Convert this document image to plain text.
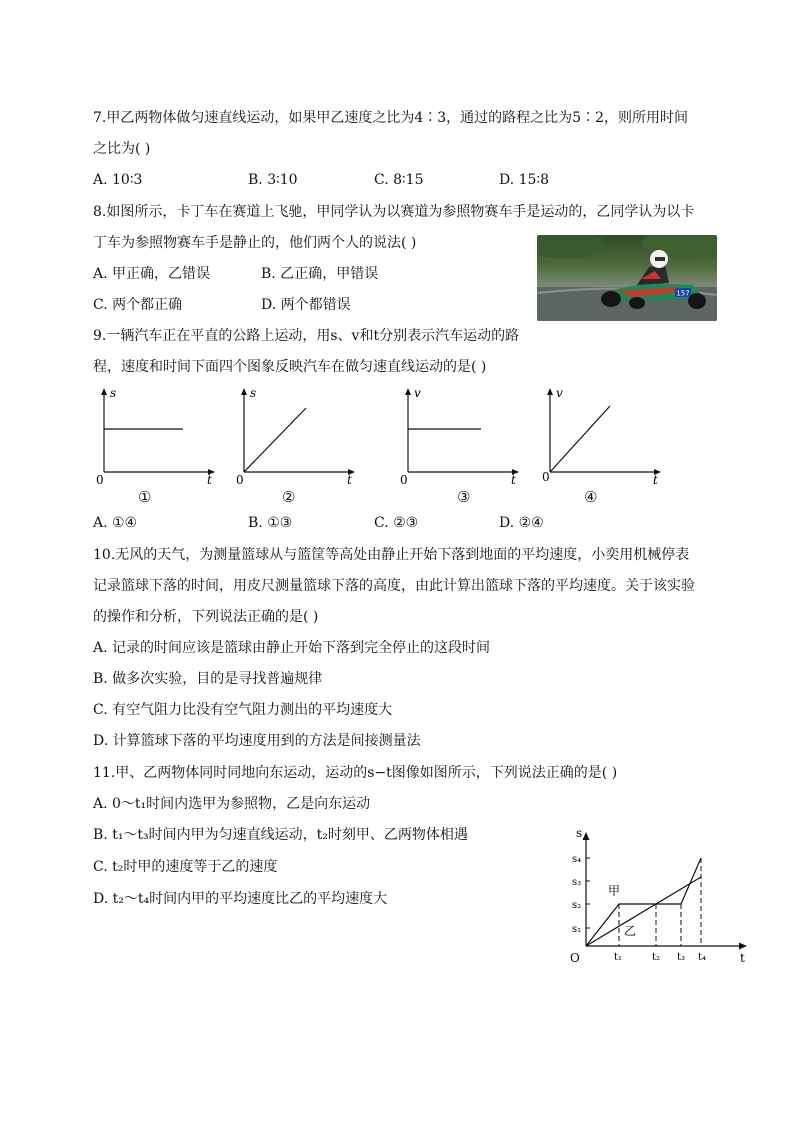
7.甲乙两物体做匀速直线运动，如果甲乙速度之比为4∶3，通过的路程之比为5∶2，则所用时间
之比为( )
A. 10∶3	B. 3∶10	C. 8∶15	D. 15∶8
8.如图所示，卡丁车在赛道上飞驰，甲同学认为以赛道为参照物赛车手是运动的，乙同学认为以卡
丁车为参照物赛车手是静止的，他们两个人的说法( )
A. 甲正确，乙错误	B. 乙正确，甲错误
C. 两个都正确	D. 两个都错误
157
9.一辆汽车正在平直的公路上运动，用s、v和t分别表示汽车运动的路
程，速度和时间下面四个图象反映汽车在做匀速直线运动的是( )
s
t
0
①
s
t
0
②
v
t
0
③
v
t
0
④
A. ①④	B. ①③	C. ②③	D. ②④
10.无风的天气，为测量篮球从与篮筐等高处由静止开始下落到地面的平均速度，小奕用机械停表
记录篮球下落的时间，用皮尺测量篮球下落的高度，由此计算出篮球下落的平均速度。关于该实验
的操作和分析，下列说法正确的是( )
A. 记录的时间应该是篮球由静止开始下落到完全停止的这段时间
B. 做多次实验，目的是寻找普遍规律
C. 有空气阻力比没有空气阻力测出的平均速度大
D. 计算篮球下落的平均速度用到的方法是间接测量法
11.甲、乙两物体同时同地向东运动，运动的s−t图像如图所示，下列说法正确的是( )
A. 0～t₁时间内选甲为参照物，乙是向东运动
B. t₁～t₃时间内甲为匀速直线运动，t₂时刻甲、乙两物体相遇
C. t₂时甲的速度等于乙的速度
D. t₂～t₄时间内甲的平均速度比乙的平均速度大
s
t
O
s₁
s₂
s₃
s₄
t₁	t₂ t₃ t₄
甲
乙
